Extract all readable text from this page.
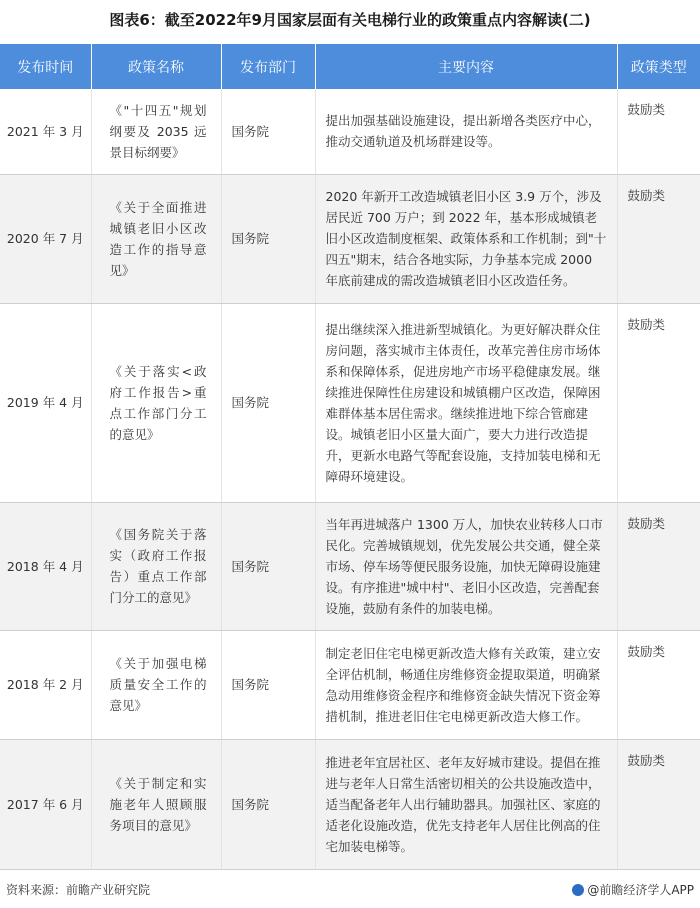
图表6：截至2022年9月国家层面有关电梯行业的政策重点内容解读(二)
发布时间	政策名称	发布部门	主要内容	政策类型
2021 年 3 月	《"十四五"规划纲要及 2035 远景目标纲要》	国务院	提出加强基础设施建设，提出新增各类医疗中心，推动交通轨道及机场群建设等。	鼓励类
2020 年 7 月	《关于全面推进城镇老旧小区改造工作的指导意见》	国务院	2020 年新开工改造城镇老旧小区 3.9 万个，涉及居民近 700 万户；到 2022 年，基本形成城镇老旧小区改造制度框架、政策体系和工作机制；到"十四五"期末，结合各地实际，力争基本完成 2000 年底前建成的需改造城镇老旧小区改造任务。	鼓励类
2019 年 4 月	《关于落实<政府工作报告>重点工作部门分工的意见》	国务院	提出继续深入推进新型城镇化。为更好解决群众住房问题，落实城市主体责任，改革完善住房市场体系和保障体系，促进房地产市场平稳健康发展。继续推进保障性住房建设和城镇棚户区改造，保障困难群体基本居住需求。继续推进地下综合管廊建设。城镇老旧小区量大面广，要大力进行改造提升，更新水电路气等配套设施，支持加装电梯和无障碍环境建设。	鼓励类
2018 年 4 月	《国务院关于落实（政府工作报告）重点工作部门分工的意见》	国务院	当年再进城落户 1300 万人，加快农业转移人口市民化。完善城镇规划，优先发展公共交通，健全菜市场、停车场等便民服务设施，加快无障碍设施建设。有序推进"城中村"、老旧小区改造，完善配套设施，鼓励有条件的加装电梯。	鼓励类
2018 年 2 月	《关于加强电梯质量安全工作的意见》	国务院	制定老旧住宅电梯更新改造大修有关政策，建立安全评估机制，畅通住房维修资金提取渠道，明确紧急动用维修资金程序和维修资金缺失情况下资金筹措机制，推进老旧住宅电梯更新改造大修工作。	鼓励类
2017 年 6 月	《关于制定和实施老年人照顾服务项目的意见》	国务院	推进老年宜居社区、老年友好城市建设。提倡在推进与老年人日常生活密切相关的公共设施改造中，适当配备老年人出行辅助器具。加强社区、家庭的适老化设施改造，优先支持老年人居住比例高的住宅加装电梯等。	鼓励类
资料来源：前瞻产业研究院	@前瞻经济学人APP
